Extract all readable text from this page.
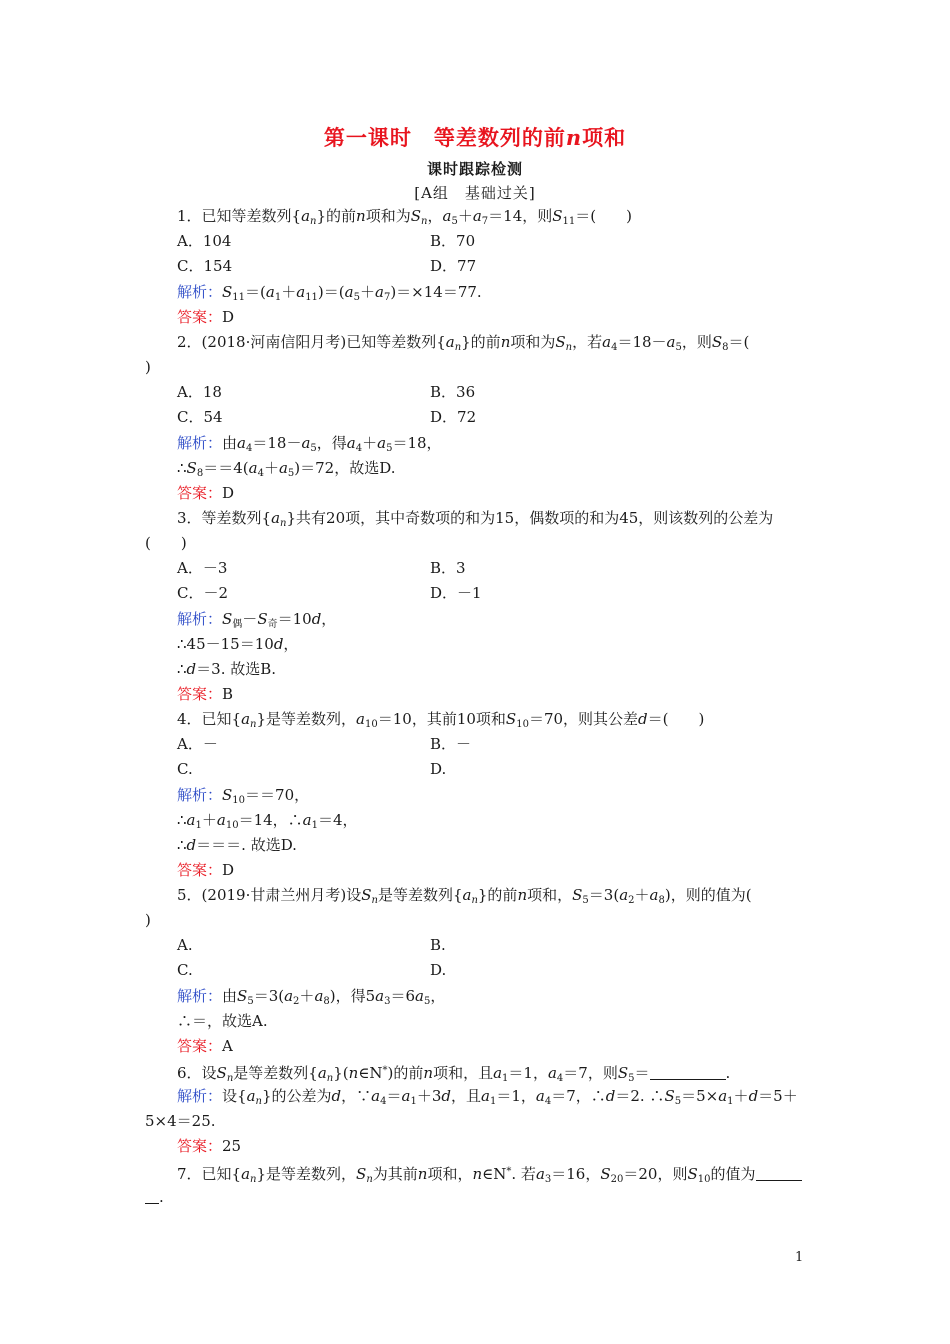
第一课时　等差数列的前n项和
课时跟踪检测
[A组　基础过关]
1．已知等差数列$\{a_n\}$的前n项和为$S_n$，$a_5+a_7=14$，则$S_{11}=$(　　)
A．104	B．70
C．154	D．77
解析：$S_{11}=(a_1+a_{11})=(a_5+a_7)=\times 14=77$.
答案：D
2．(2018·河南信阳月考)已知等差数列$\{a_n\}$的前n项和为$S_n$，若$a_4=18-a_5$，则$S_8=$(
)
A．18	B．36
C．54	D．72
解析：由$a_4=18-a_5$，得$a_4+a_5=18$，
$\therefore S_8==4(a_4+a_5)=72$，故选D.
答案：D
3．等差数列$\{a_n\}$共有20项，其中奇数项的和为15，偶数项的和为45，则该数列的公差为
(　　)
A．－3	B．3
C．－2	D．－1
解析：$S_偶-S_奇=10d$，
∴45－15＝10d，
∴d＝3. 故选B.
答案：B
4．已知$\{a_n\}$是等差数列，$a_{10}=10$，其前10项和$S_{10}=70$，则其公差d＝(　　)
A．－	B．－
C.	D.
解析：$S_{10}==70$，
$\therefore a_1+a_{10}=14$，$\therefore a_1=4$，
∴d＝＝＝. 故选D.
答案：D
5．(2019·甘肃兰州月考)设$S_n$是等差数列$\{a_n\}$的前n项和，$S_5=3(a_2+a_8)$，则的值为(
)
A.	B.
C.	D.
解析：由$S_5=3(a_2+a_8)$，得$5a_3=6a_5$，
∴＝，故选A.
答案：A
6．设$S_n$是等差数列$\{a_n\}(n\in N^*)$的前n项和，且$a_1=1$，$a_4=7$，则$S_5=$	.
解析：设$\{a_n\}$的公差为d，$\because a_4=a_1+3d$，且$a_1=1$，$a_4=7$，∴d＝2. $\therefore S_5=5\times a_1+d=5+$
5×4＝25.
答案：25
7．已知$\{a_n\}$是等差数列，$S_n$为其前n项和，n∈N*. 若$a_3=16$，$S_{20}=20$，则$S_{10}$的值为
.
1
